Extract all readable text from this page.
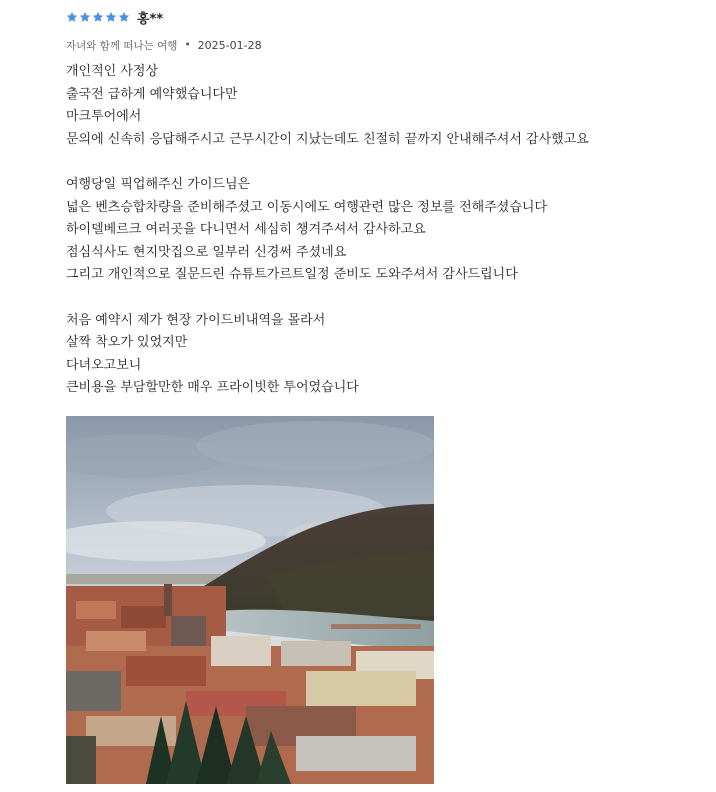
홍**
자녀와 함께 떠나는 여행 • 2025-01-28
개인적인 사정상
출국전 급하게 예약했습니다만
마크투어에서
문의에 신속히 응답해주시고 근무시간이 지났는데도 친절히 끝까지 안내해주셔서 감사했고요
여행당일 픽업해주신 가이드님은
넓은 벤츠승합차량을 준비해주셨고 이동시에도 여행관련 많은 정보를 전해주셨습니다
하이델베르크 여러곳을 다니면서 세심히 챙겨주셔서 감사하고요
점심식사도 현지맛집으로 일부러 신경써 주셨네요
그리고 개인적으로 질문드린 슈튜트가르트일정 준비도 도와주셔서 감사드립니다
처음 예약시 제가 현장 가이드비내역을 몰라서
살짝 착오가 있었지만
다녀오고보니
큰비용을 부담할만한 매우 프라이빗한 투어였습니다
